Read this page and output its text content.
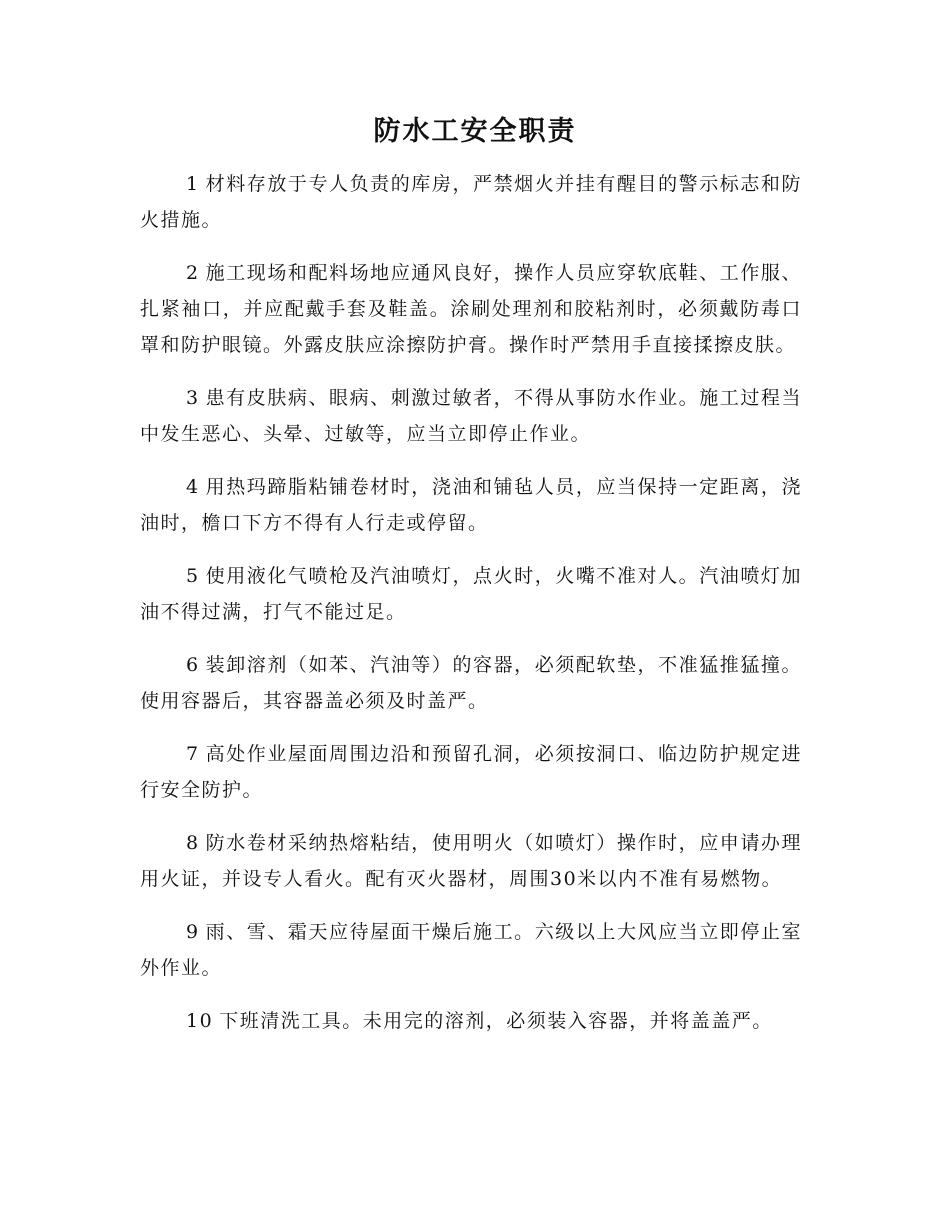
防水工安全职责

1 材料存放于专人负责的库房，严禁烟火并挂有醒目的警示标志和防火措施。

2 施工现场和配料场地应通风良好，操作人员应穿软底鞋、工作服、扎紧袖口，并应配戴手套及鞋盖。涂刷处理剂和胶粘剂时，必须戴防毒口罩和防护眼镜。外露皮肤应涂擦防护膏。操作时严禁用手直接揉擦皮肤。

3 患有皮肤病、眼病、刺激过敏者，不得从事防水作业。施工过程当中发生恶心、头晕、过敏等，应当立即停止作业。

4 用热玛蹄脂粘铺卷材时，浇油和铺毡人员，应当保持一定距离，浇油时，檐口下方不得有人行走或停留。

5 使用液化气喷枪及汽油喷灯，点火时，火嘴不准对人。汽油喷灯加油不得过满，打气不能过足。

6 装卸溶剂（如苯、汽油等）的容器，必须配软垫，不准猛推猛撞。使用容器后，其容器盖必须及时盖严。

7 高处作业屋面周围边沿和预留孔洞，必须按洞口、临边防护规定进行安全防护。

8 防水卷材采纳热熔粘结，使用明火（如喷灯）操作时，应申请办理用火证，并设专人看火。配有灭火器材，周围30米以内不准有易燃物。

9 雨、雪、霜天应待屋面干燥后施工。六级以上大风应当立即停止室外作业。

10 下班清洗工具。未用完的溶剂，必须装入容器，并将盖盖严。
